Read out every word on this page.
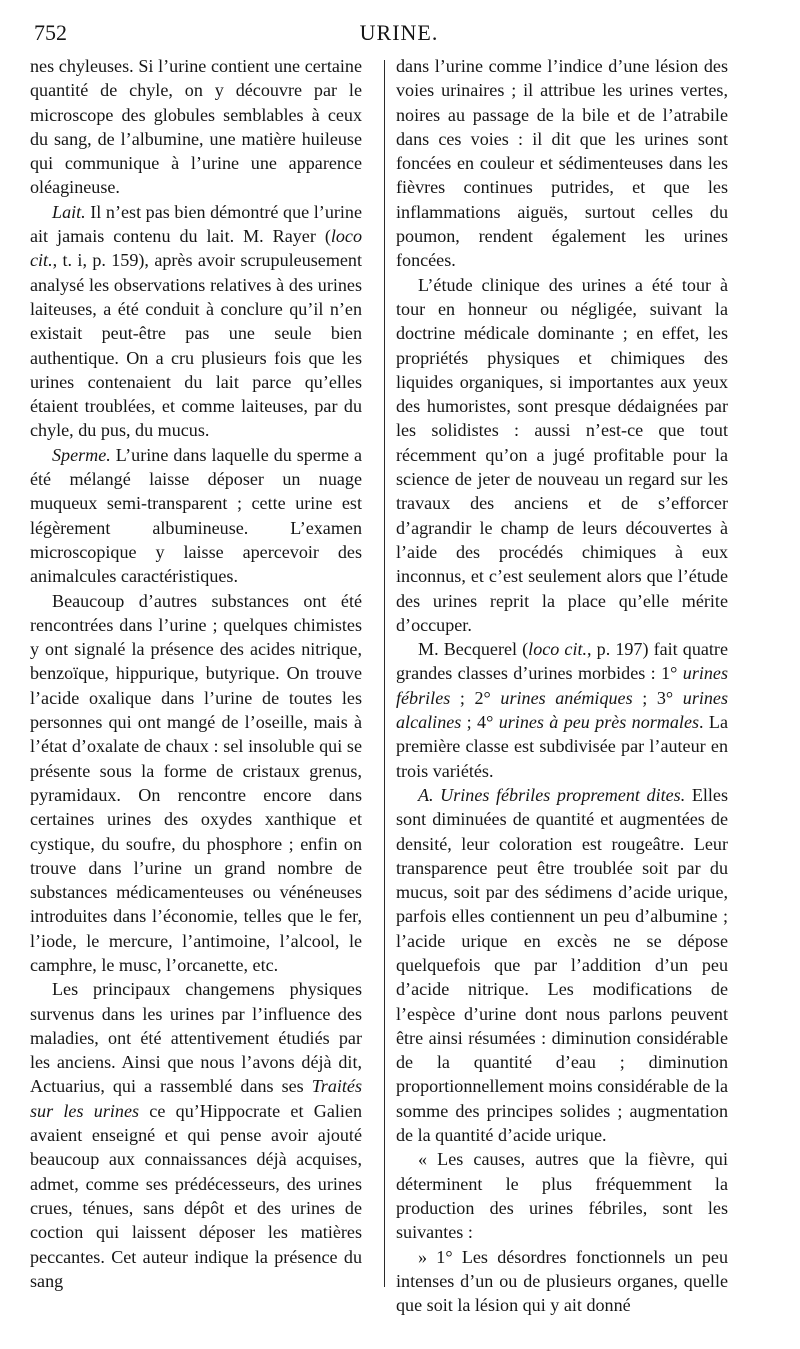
752	URINE.

nes chyleuses. Si l’urine contient une certaine quantité de chyle, on y découvre par le microscope des globules semblables à ceux du sang, de l’albumine, une matière huileuse qui communique à l’urine une apparence oléagineuse.

Lait. Il n’est pas bien démontré que l’urine ait jamais contenu du lait. M. Rayer (loco cit., t. i, p. 159), après avoir scrupuleusement analysé les observations relatives à des urines laiteuses, a été conduit à conclure qu’il n’en existait peut-être pas une seule bien authentique. On a cru plusieurs fois que les urines contenaient du lait parce qu’elles étaient troublées, et comme laiteuses, par du chyle, du pus, du mucus.

Sperme. L’urine dans laquelle du sperme a été mélangé laisse déposer un nuage muqueux semi-transparent ; cette urine est légèrement albumineuse. L’examen microscopique y laisse apercevoir des animalcules caractéristiques.

Beaucoup d’autres substances ont été rencontrées dans l’urine ; quelques chimistes y ont signalé la présence des acides nitrique, benzoïque, hippurique, butyrique. On trouve l’acide oxalique dans l’urine de toutes les personnes qui ont mangé de l’oseille, mais à l’état d’oxalate de chaux : sel insoluble qui se présente sous la forme de cristaux grenus, pyramidaux. On rencontre encore dans certaines urines des oxydes xanthique et cystique, du soufre, du phosphore ; enfin on trouve dans l’urine un grand nombre de substances médicamenteuses ou vénéneuses introduites dans l’économie, telles que le fer, l’iode, le mercure, l’antimoine, l’alcool, le camphre, le musc, l’orcanette, etc.

Les principaux changemens physiques survenus dans les urines par l’influence des maladies, ont été attentivement étudiés par les anciens. Ainsi que nous l’avons déjà dit, Actuarius, qui a rassemblé dans ses Traités sur les urines ce qu’Hippocrate et Galien avaient enseigné et qui pense avoir ajouté beaucoup aux connaissances déjà acquises, admet, comme ses prédécesseurs, des urines crues, ténues, sans dépôt et des urines de coction qui laissent déposer les matières peccantes. Cet auteur indique la présence du sang

dans l’urine comme l’indice d’une lésion des voies urinaires ; il attribue les urines vertes, noires au passage de la bile et de l’atrabile dans ces voies : il dit que les urines sont foncées en couleur et sédimenteuses dans les fièvres continues putrides, et que les inflammations aiguës, surtout celles du poumon, rendent également les urines foncées.

L’étude clinique des urines a été tour à tour en honneur ou négligée, suivant la doctrine médicale dominante ; en effet, les propriétés physiques et chimiques des liquides organiques, si importantes aux yeux des humoristes, sont presque dédaignées par les solidistes : aussi n’est-ce que tout récemment qu’on a jugé profitable pour la science de jeter de nouveau un regard sur les travaux des anciens et de s’efforcer d’agrandir le champ de leurs découvertes à l’aide des procédés chimiques à eux inconnus, et c’est seulement alors que l’étude des urines reprit la place qu’elle mérite d’occuper.

M. Becquerel (loco cit., p. 197) fait quatre grandes classes d’urines morbides : 1° urines fébriles ; 2° urines anémiques ; 3° urines alcalines ; 4° urines à peu près normales. La première classe est subdivisée par l’auteur en trois variétés.

A. Urines fébriles proprement dites. Elles sont diminuées de quantité et augmentées de densité, leur coloration est rougeâtre. Leur transparence peut être troublée soit par du mucus, soit par des sédimens d’acide urique, parfois elles contiennent un peu d’albumine ; l’acide urique en excès ne se dépose quelquefois que par l’addition d’un peu d’acide nitrique. Les modifications de l’espèce d’urine dont nous parlons peuvent être ainsi résumées : diminution considérable de la quantité d’eau ; diminution proportionnellement moins considérable de la somme des principes solides ; augmentation de la quantité d’acide urique.

« Les causes, autres que la fièvre, qui déterminent le plus fréquemment la production des urines fébriles, sont les suivantes :

» 1° Les désordres fonctionnels un peu intenses d’un ou de plusieurs organes, quelle que soit la lésion qui y ait donné
